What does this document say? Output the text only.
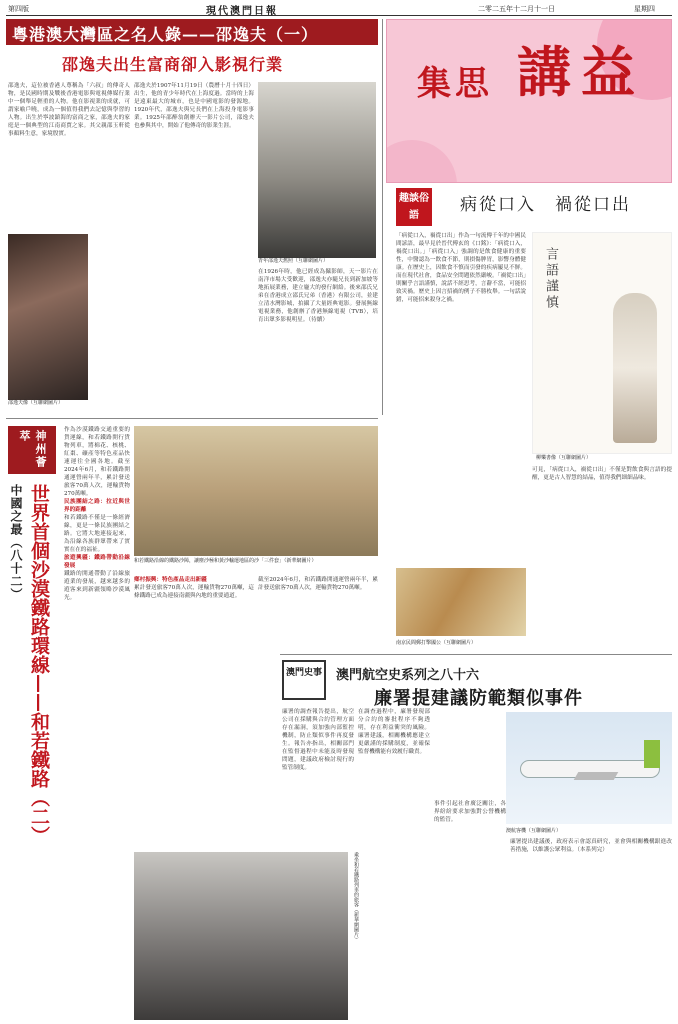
第四版	現代澳門日報	二零二五年十二月十一日	星期四
粵港澳大灣區之名人錄——邵逸夫（一）
邵逸夫出生富商卻入影視行業
邵逸夫，這位被香港人尊稱為「六叔」的傳奇人物，是民國時期及戰後香港電影與電視傳媒行業中一個舉足輕重的人物。他在影視業的成就，可謂家喻戶曉，成為一個值得我們去記憶與學習的人物。出生於寧波鎮海的富商之家，邵逸夫的家庭是一個典型的江南商賈之家。其父親邵玉軒從事顏料生意，家境殷實。
邵逸夫像（互聯網圖片）
邵逸夫於1907年11月19日（農曆十月十四日）出生，他的青少年時代在上海度過。當時的上海是遠東最大的城市，也是中國電影的發源地。1920年代，邵逸夫與兄長們在上海投身電影事業。1925年邵醉翁創辦天一影片公司，邵逸夫也參與其中，開始了他傳奇的影業生涯。
青年邵逸夫舊照（互聯網圖片）
在1926年時，他已經成為攝影師，天一影片在南洋市場大受歡迎，邵逸夫亦隨兄長到新加坡等地拓展業務，建立龐大的發行網絡。後來邵氏兄弟在香港成立邵氏兄弟（香港）有限公司，並建立清水灣影城，拍攝了大量經典電影。發展無線電視業務，他創辦了香港無線電視（TVB），培育出眾多影視明星。（待續）
集思 講益
趣談俗語
病從口入　禍從口出
「病從口入，禍從口出」作為一句流傳千年的中國民間諺語，最早見於晉代傅玄的《口銘》：「病從口入，禍從口出。」「病從口入」強調的是飲食健康的重要性，中醫認為一飲食不節，則損傷脾胃，影響身體健康。在歷史上，因飲食不慎而引發的疾病屢見不鮮。而在現代社會，食品安全問題依然嚴峻。「禍從口出」則關乎言語謹慎，說話不經思考，言辭不當，可能招致災禍。歷史上因言招禍的例子不勝枚舉。一句話說錯，可能招來殺身之禍。	言語謹慎
柳樂書像（互聯網圖片）
南京民間郵打擊國公（互聯網圖片）
可見，「病從口入，禍從口出」不僅是對飲食與言語的提醒，更是古人智慧的結晶，值得我們細細品味。
神州薈萃
中國之最（八十二） 世界首個沙漠鐵路環線——和若鐵路（二）
作為沙漠鐵路交通重要的貨運線，和若鐵路開行貨物列車，將棉花、核桃、紅棗、礦產等特色產品快速運往全國各地。截至2024年6月，和若鐵路開通運營兩年半，累計發送旅客70萬人次，運輸貨物270萬噸。
民族團結之路：拉近與世界的距離
和若鐵路不僅是一條經濟線，更是一條民族團結之路。它將大地連接起來，為沿線各族群眾帶來了實實在在的福祉。
旅遊興疆：鐵路帶動沿線發展
鐵路的開通帶動了沿線旅遊業的發展，越來越多的遊客來到新疆領略沙漠風光。
和若鐵路沿線的鐵路沙障，讓塵沙極和黃沙輸運地區的沙「三件套」（新華網圖片）
鄉村振興：特色產品走出新疆
累計發送旅客70萬人次，運輸貨物270萬噸，這條鐵路已成為連接南疆與內地的重要通道。
截至2024年6月，和若鐵路開通運營兩年半，累計發送旅客70萬人次，運輸貨物270萬噸。
乘坐和若鐵路列車的旅客（新華網圖片）
澳門史事 澳門航空史系列之八十六
廉署提建議防範類似事件
廉署的調查報告提出，航空公司在採購與合約管理方面存在漏洞，須加強內部監控機制，防止類似事件再度發生。報告亦指出，相關部門在監督過程中未能及時發現問題，建議政府檢討現行的監管制度。
在調查過程中，廉署發現部分合約的審批程序不夠透明，存在利益衝突的風險。廉署建議，相關機構應建立更嚴謹的採購制度，並確保監督機構能有效履行職責。
事件引起社會廣泛關注，各界紛紛要求加強對公營機構的監管。
澳航客機（互聯網圖片）
廉署提出建議後，政府表示會認真研究，並會與相關機構跟進改善措施，以維護公眾利益。（本系列完）
